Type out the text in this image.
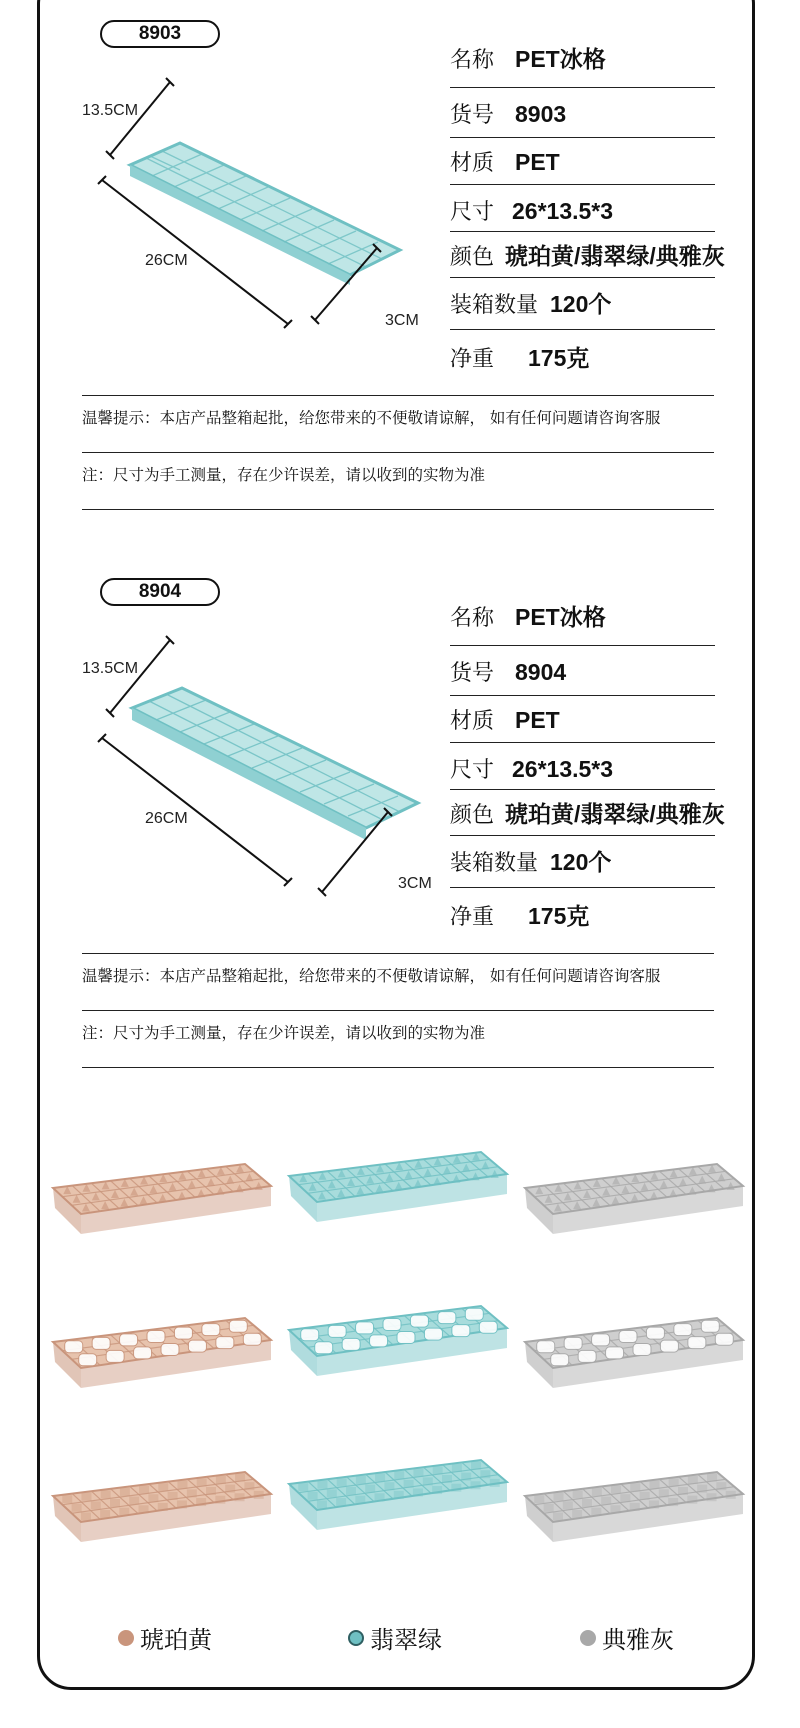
8903
13.5CM
26CM
3CM
名称 PET冰格
货号 8903
材质 PET
尺寸 26*13.5*3
颜色 琥珀黄/翡翠绿/典雅灰
装箱数量 120个
净重 175克
温馨提示：本店产品整箱起批，给您带来的不便敬请谅解， 如有任何问题请咨询客服
注：尺寸为手工测量，存在少许误差，请以收到的实物为准
8904
13.5CM
26CM
3CM
名称 PET冰格
货号 8904
材质 PET
尺寸 26*13.5*3
颜色 琥珀黄/翡翠绿/典雅灰
装箱数量 120个
净重 175克
温馨提示：本店产品整箱起批，给您带来的不便敬请谅解， 如有任何问题请咨询客服
注：尺寸为手工测量，存在少许误差，请以收到的实物为准
琥珀黄	翡翠绿	典雅灰
